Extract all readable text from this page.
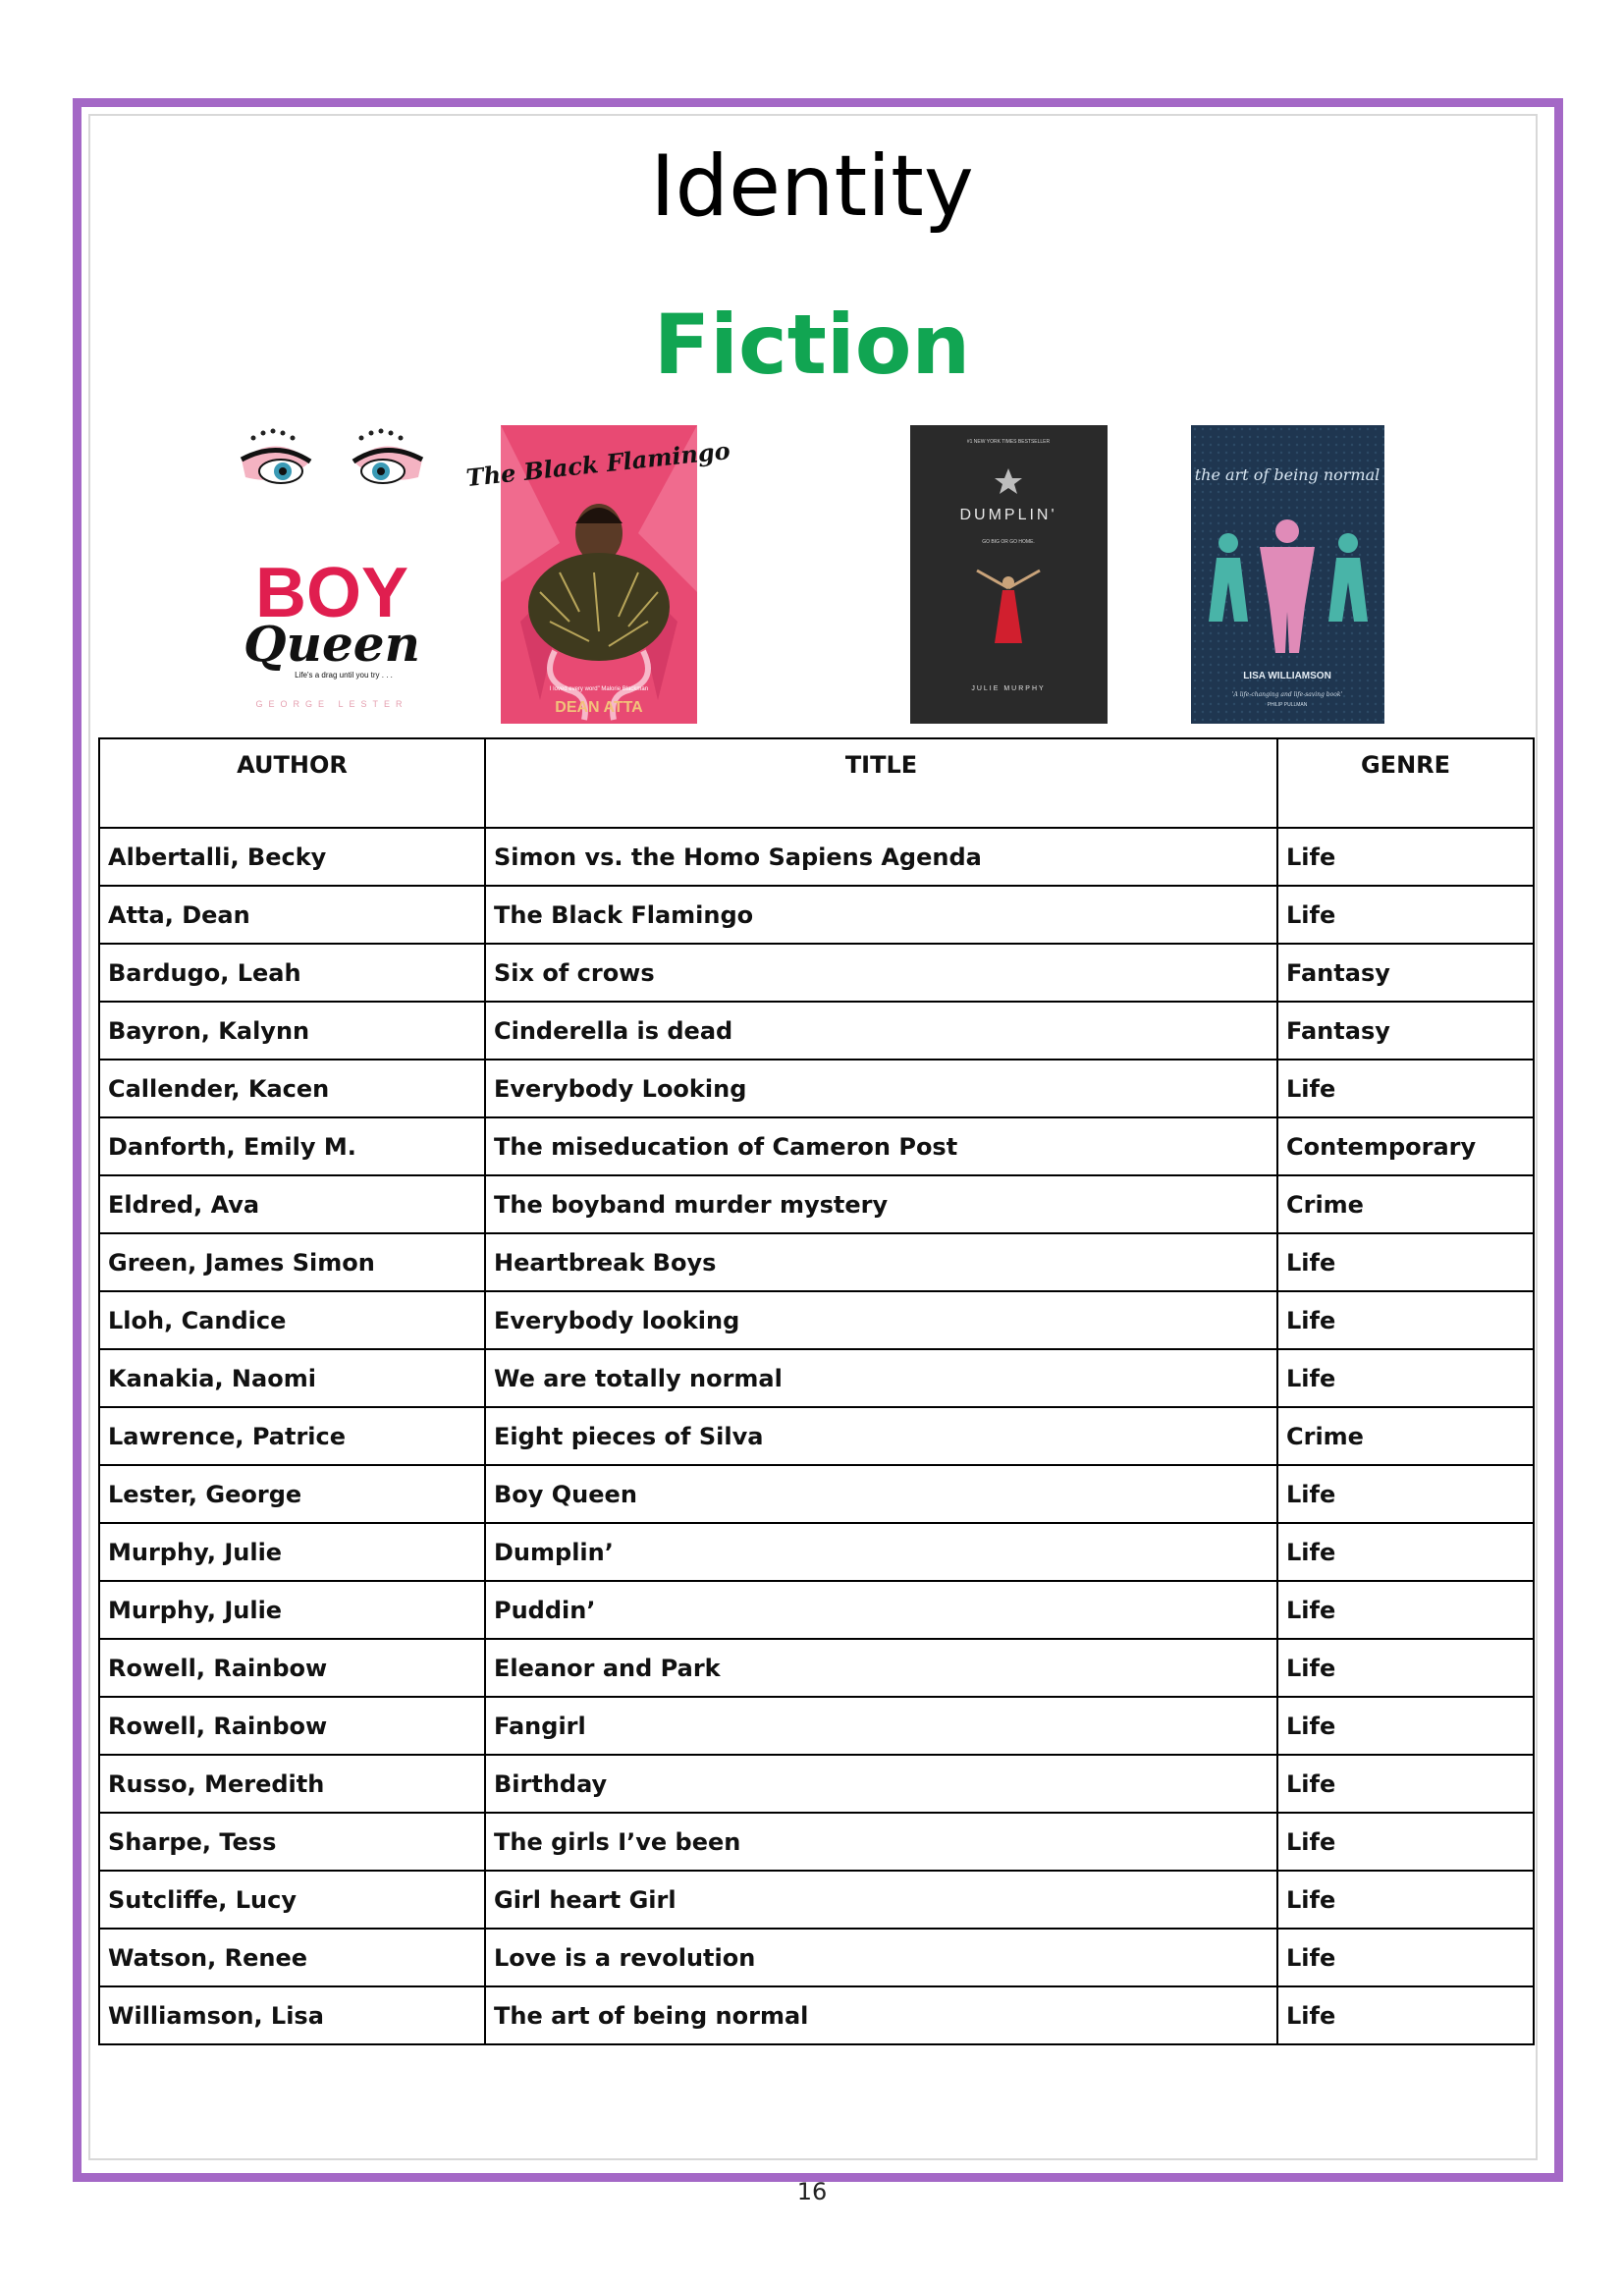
Identity
Fiction
BOY
Queen
Life's a drag until you try . . .
GEORGE LESTER
The Black Flamingo
I loved every word" Malorie Blackman
DEAN ATTA
#1 NEW YORK TIMES BESTSELLER
DUMPLIN'
GO BIG OR GO HOME.
JULIE MURPHY
the art of being normal
LISA WILLIAMSON
'A life-changing and life-saving book'
PHILIP PULLMAN
AUTHOR	TITLE	GENRE
Albertalli, Becky	Simon vs. the Homo Sapiens Agenda	Life
Atta, Dean	The Black Flamingo	Life
Bardugo, Leah	Six of crows	Fantasy
Bayron, Kalynn	Cinderella is dead	Fantasy
Callender, Kacen	Everybody Looking	Life
Danforth, Emily M.	The miseducation of Cameron Post	Contemporary
Eldred, Ava	The boyband murder mystery	Crime
Green, James Simon	Heartbreak Boys	Life
Lloh, Candice	Everybody looking	Life
Kanakia, Naomi	We are totally normal	Life
Lawrence, Patrice	Eight pieces of Silva	Crime
Lester, George	Boy Queen	Life
Murphy, Julie	Dumplin’	Life
Murphy, Julie	Puddin’	Life
Rowell, Rainbow	Eleanor and Park	Life
Rowell, Rainbow	Fangirl	Life
Russo, Meredith	Birthday	Life
Sharpe, Tess	The girls I’ve been	Life
Sutcliffe, Lucy	Girl heart Girl	Life
Watson, Renee	Love is a revolution	Life
Williamson, Lisa	The art of being normal	Life
16
